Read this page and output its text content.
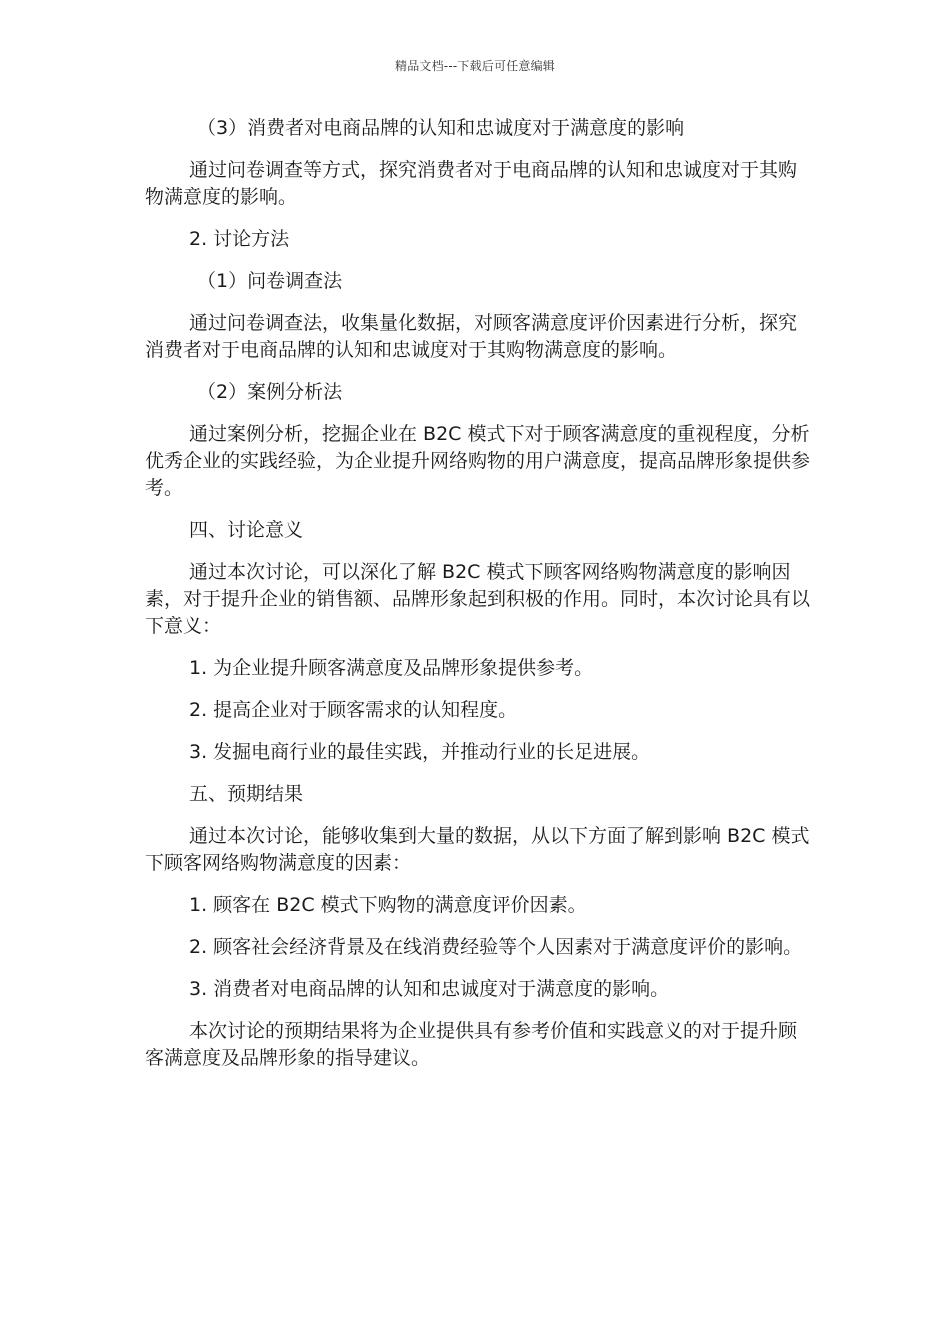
精品文档---下载后可任意编辑

（3）消费者对电商品牌的认知和忠诚度对于满意度的影响

通过问卷调查等方式，探究消费者对于电商品牌的认知和忠诚度对于其购物满意度的影响。

2. 讨论方法

（1）问卷调查法

通过问卷调查法，收集量化数据，对顾客满意度评价因素进行分析，探究消费者对于电商品牌的认知和忠诚度对于其购物满意度的影响。

（2）案例分析法

通过案例分析，挖掘企业在 B2C 模式下对于顾客满意度的重视程度，分析优秀企业的实践经验，为企业提升网络购物的用户满意度，提高品牌形象提供参考。

四、讨论意义

通过本次讨论，可以深化了解 B2C 模式下顾客网络购物满意度的影响因素，对于提升企业的销售额、品牌形象起到积极的作用。同时，本次讨论具有以下意义：

1. 为企业提升顾客满意度及品牌形象提供参考。

2. 提高企业对于顾客需求的认知程度。

3. 发掘电商行业的最佳实践，并推动行业的长足进展。

五、预期结果

通过本次讨论，能够收集到大量的数据，从以下方面了解到影响 B2C 模式下顾客网络购物满意度的因素：

1. 顾客在 B2C 模式下购物的满意度评价因素。

2. 顾客社会经济背景及在线消费经验等个人因素对于满意度评价的影响。

3. 消费者对电商品牌的认知和忠诚度对于满意度的影响。

本次讨论的预期结果将为企业提供具有参考价值和实践意义的对于提升顾客满意度及品牌形象的指导建议。
